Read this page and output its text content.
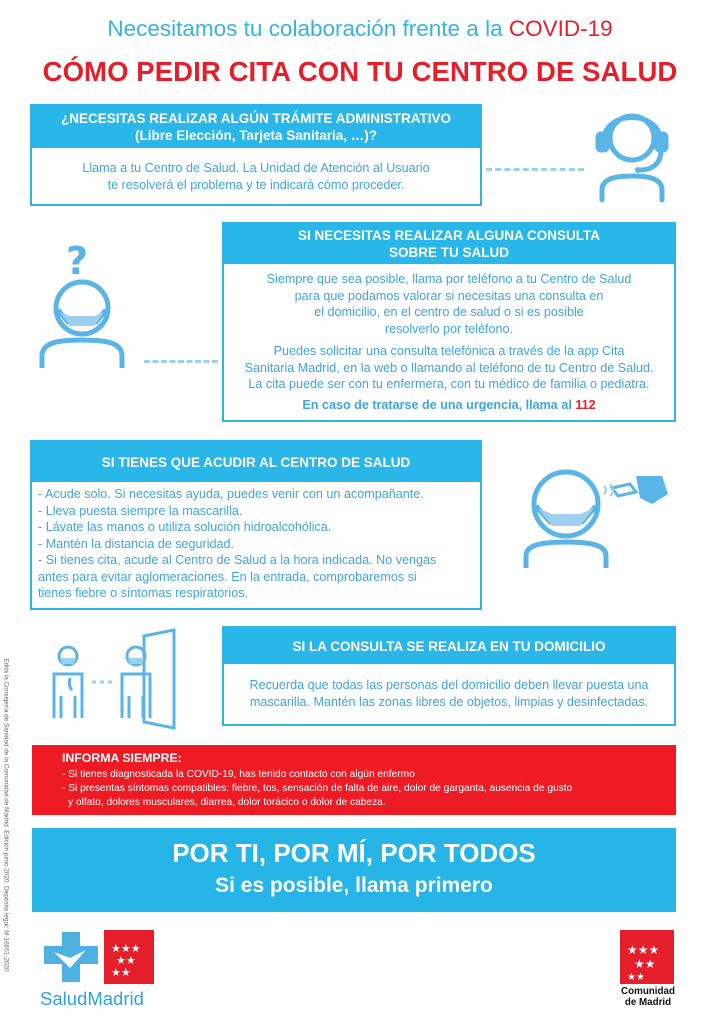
Necesitamos tu colaboración frente a la COVID-19
CÓMO PEDIR CITA CON TU CENTRO DE SALUD
¿NECESITAS REALIZAR ALGÚN TRÁMITE ADMINISTRATIVO
(Libre Elección, Tarjeta Sanitaria, …)?
Llama a tu Centro de Salud. La Unidad de Atención al Usuario
te resolverá el problema y te indicará cómo proceder.
?
SI NECESITAS REALIZAR ALGUNA CONSULTA
SOBRE TU SALUD
Siempre que sea posible, llama por teléfono a tu Centro de Salud
para que podamos valorar si necesitas una consulta en
el domicilio, en el centro de salud o si es posible
resolverlo por teléfono.
Puedes solicitar una consulta telefónica a través de la app Cita
Sanitaria Madrid, en la web o llamando al teléfono de tu Centro de Salud.
La cita puede ser con tu enfermera, con tu médico de familia o pediatra.
En caso de tratarse de una urgencia, llama al 112
SI TIENES QUE ACUDIR AL CENTRO DE SALUD
- Acude solo. Si necesitas ayuda, puedes venir con un acompañante.
- Lleva puesta siempre la mascarilla.
- Lávate las manos o utiliza solución hidroalcohólica.
- Mantén la distancia de seguridad.
- Si tienes cita, acude al Centro de Salud a la hora indicada. No vengas
antes para evitar aglomeraciones. En la entrada, comprobaremos si
tienes fiebre o síntomas respiratorios.
SI LA CONSULTA SE REALIZA EN TU DOMICILIO
Recuerda que todas las personas del domicilio deben llevar puesta una
mascarilla. Mantén las zonas libres de objetos, limpias y desinfectadas.
Edita la Consejería de Sanidad de la Comunidad de Madrid. Edición junio 2020. Depósito legal: M-16651-2020	INFORMA SIEMPRE:
- Si tienes diagnosticada la COVID-19, has tenido contacto con algún enfermo
- Si presentas síntomas compatibles: fiebre, tos, sensación de falta de aire, dolor de garganta, ausencia de gusto
y olfato, dolores musculares, diarrea, dolor torácico o dolor de cabeza.
POR TI, POR MÍ, POR TODOS
Si es posible, llama primero
★★★
★★
★★
SaludMadrid
★★★
★★
★★
Comunidad
de Madrid
